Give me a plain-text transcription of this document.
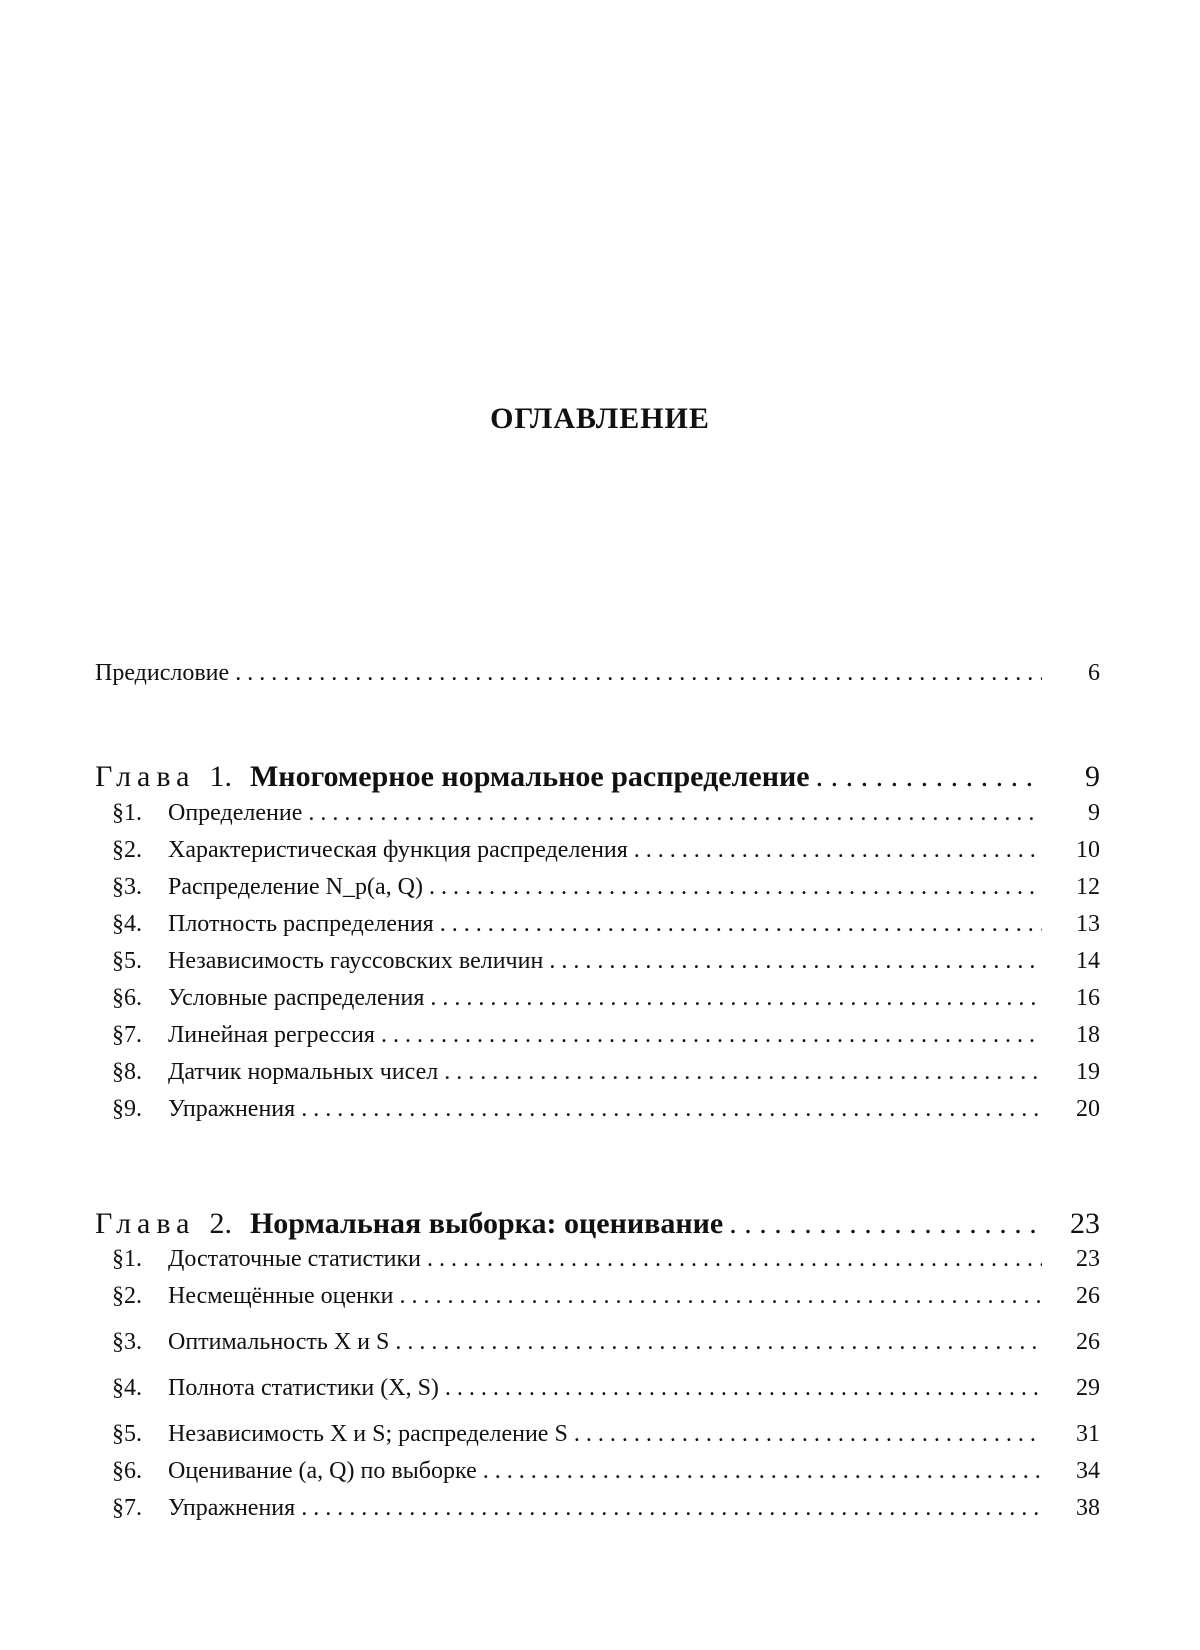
ОГЛАВЛЕНИЕ
Предисловие . . .	6
Глава 1. Многомерное нормальное распределение . . .	9
§1.	Определение . . .	9
§2.	Характеристическая функция распределения . . .	10
§3.	Распределение N_p(a, Q) . . .	12
§4.	Плотность распределения . . .	13
§5.	Независимость гауссовских величин . . .	14
§6.	Условные распределения . . .	16
§7.	Линейная регрессия . . .	18
§8.	Датчик нормальных чисел . . .	19
§9.	Упражнения . . .	20
Глава 2. Нормальная выборка: оценивание . . .	23
§1.	Достаточные статистики . . .	23
§2.	Несмещённые оценки . . .	26
§3.	Оптимальность X и S . . .	26
§4.	Полнота статистики (X, S) . . .	29
§5.	Независимость X и S; распределение S . . .	31
§6.	Оценивание (a, Q) по выборке . . .	34
§7.	Упражнения . . .	38
